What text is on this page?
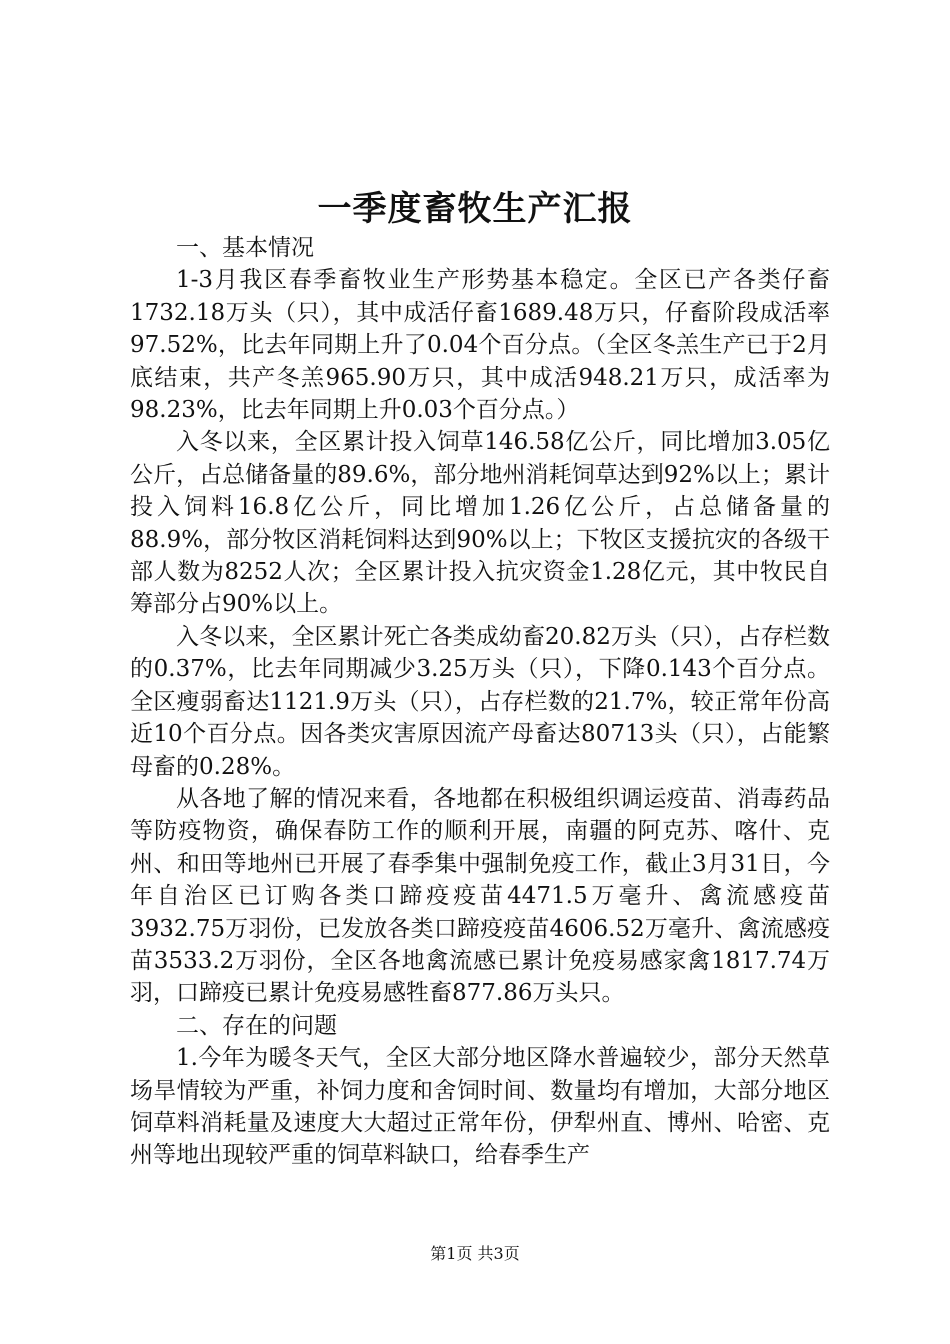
一季度畜牧生产汇报

一、基本情况

1-3月我区春季畜牧业生产形势基本稳定。全区已产各类仔畜1732.18万头（只），其中成活仔畜1689.48万只，仔畜阶段成活率97.52%，比去年同期上升了0.04个百分点。（全区冬羔生产已于2月底结束，共产冬羔965.90万只，其中成活948.21万只，成活率为98.23%，比去年同期上升0.03个百分点。）

入冬以来，全区累计投入饲草146.58亿公斤，同比增加3.05亿公斤，占总储备量的89.6%，部分地州消耗饲草达到92%以上；累计投入饲料16.8亿公斤，同比增加1.26亿公斤，占总储备量的88.9%，部分牧区消耗饲料达到90%以上；下牧区支援抗灾的各级干部人数为8252人次；全区累计投入抗灾资金1.28亿元，其中牧民自筹部分占90%以上。

入冬以来，全区累计死亡各类成幼畜20.82万头（只），占存栏数的0.37%，比去年同期减少3.25万头（只），下降0.143个百分点。全区瘦弱畜达1121.9万头（只），占存栏数的21.7%，较正常年份高近10个百分点。因各类灾害原因流产母畜达80713头（只），占能繁母畜的0.28%。

从各地了解的情况来看，各地都在积极组织调运疫苗、消毒药品等防疫物资，确保春防工作的顺利开展，南疆的阿克苏、喀什、克州、和田等地州已开展了春季集中强制免疫工作，截止3月31日，今年自治区已订购各类口蹄疫疫苗4471.5万毫升、禽流感疫苗3932.75万羽份，已发放各类口蹄疫疫苗4606.52万毫升、禽流感疫苗3533.2万羽份，全区各地禽流感已累计免疫易感家禽1817.74万羽，口蹄疫已累计免疫易感牲畜877.86万头只。

二、存在的问题

1.今年为暖冬天气，全区大部分地区降水普遍较少，部分天然草场旱情较为严重，补饲力度和舍饲时间、数量均有增加，大部分地区饲草料消耗量及速度大大超过正常年份，伊犁州直、博州、哈密、克州等地出现较严重的饲草料缺口，给春季生产

第1页 共3页
